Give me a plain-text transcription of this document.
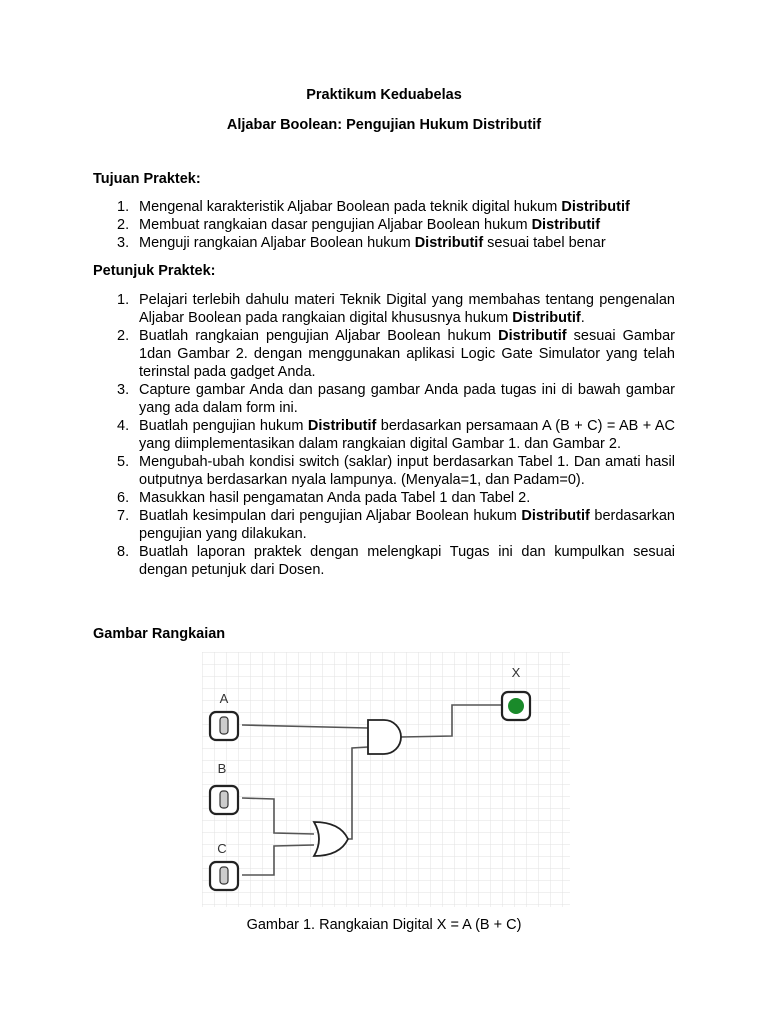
Praktikum Keduabelas
Aljabar Boolean: Pengujian Hukum Distributif
Tujuan Praktek:
1. Mengenal karakteristik Aljabar Boolean pada teknik digital hukum Distributif
2. Membuat rangkaian dasar pengujian Aljabar Boolean hukum Distributif
3. Menguji rangkaian Aljabar Boolean hukum Distributif sesuai tabel benar
Petunjuk Praktek:
1. Pelajari terlebih dahulu materi Teknik Digital yang membahas tentang pengenalan Aljabar Boolean pada rangkaian digital khususnya hukum Distributif.
2. Buatlah rangkaian pengujian Aljabar Boolean hukum Distributif sesuai Gambar 1dan Gambar 2. dengan menggunakan aplikasi Logic Gate Simulator yang telah terinstal pada gadget Anda.
3. Capture gambar Anda dan pasang gambar Anda pada tugas ini di bawah gambar yang ada dalam form ini.
4. Buatlah pengujian hukum Distributif berdasarkan persamaan A (B + C) = AB + AC yang diimplementasikan dalam rangkaian digital Gambar 1. dan Gambar 2.
5. Mengubah-ubah kondisi switch (saklar) input berdasarkan Tabel 1. Dan amati hasil outputnya berdasarkan nyala lampunya. (Menyala=1, dan Padam=0).
6. Masukkan hasil pengamatan Anda pada Tabel 1 dan Tabel 2.
7. Buatlah kesimpulan dari pengujian Aljabar Boolean hukum Distributif berdasarkan pengujian yang dilakukan.
8. Buatlah laporan praktek dengan melengkapi Tugas ini dan kumpulkan sesuai dengan petunjuk dari Dosen.
Gambar Rangkaian
A
B
C
X
Gambar 1. Rangkaian Digital X = A (B + C)
